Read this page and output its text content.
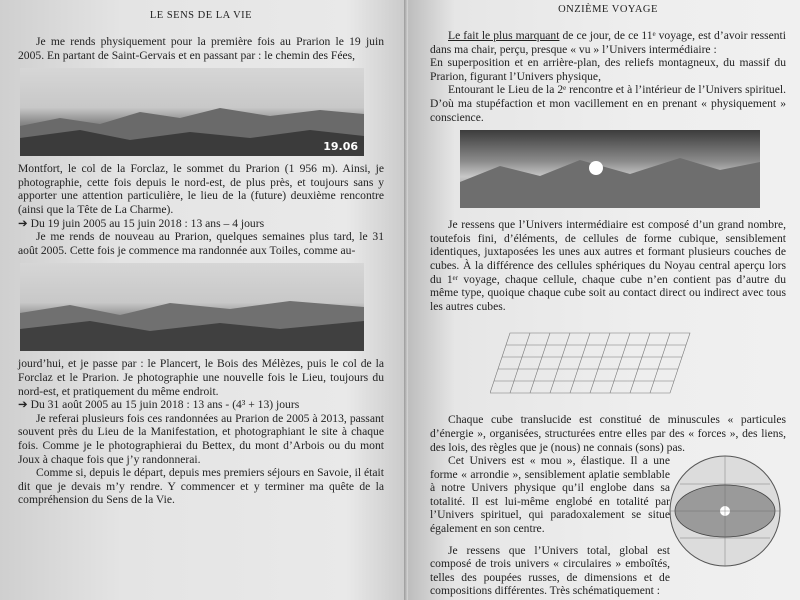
LE SENS DE LA VIE

Je me rends physiquement pour la première fois au Prarion le 19 juin 2005. En partant de Saint-Gervais et en passant par : le chemin des Fées,

19.06

Montfort, le col de la Forclaz, le sommet du Prarion (1 956 m). Ainsi, je photographie, cette fois depuis le nord-est, de plus près, et toujours sans y apporter une attention particulière, le lieu de la (future) deuxième rencontre (ainsi que la Tête de La Charme).

➔ Du 19 juin 2005 au 15 juin 2018 : 13 ans – 4 jours

Je me rends de nouveau au Prarion, quelques semaines plus tard, le 31 août 2005. Cette fois je commence ma randonnée aux Toiles, comme au-

jourd’hui, et je passe par : le Plancert, le Bois des Mélèzes, puis le col de la Forclaz et le Prarion. Je photographie une nouvelle fois le Lieu, toujours du nord-est, et pratiquement du même endroit.

➔ Du 31 août 2005 au 15 juin 2018 : 13 ans - (4³ + 13) jours

Je referai plusieurs fois ces randonnées au Prarion de 2005 à 2013, passant souvent près du Lieu de la Manifestation, et photographiant le site à chaque fois. Comme je le photographierai du Bettex, du mont d’Arbois ou du mont Joux à chaque fois que j’y randonnerai.

Comme si, depuis le départ, depuis mes premiers séjours en Savoie, il était dit que je devais m’y rendre. Y commencer et y terminer ma quête de la compréhension du Sens de la Vie.

ONZIÈME VOYAGE

Le fait le plus marquant de ce jour, de ce 11ᵉ voyage, est d’avoir ressenti dans ma chair, perçu, presque « vu » l’Univers intermédiaire :

En superposition et en arrière-plan, des reliefs montagneux, du massif du Prarion, figurant l’Univers physique,

Entourant le Lieu de la 2ᵉ rencontre et à l’intérieur de l’Univers spirituel. D’où ma stupéfaction et mon vacillement en en prenant « physiquement » conscience.

Je ressens que l’Univers intermédiaire est composé d’un grand nombre, toutefois fini, d’éléments, de cellules de forme cubique, sensiblement identiques, juxtaposées les unes aux autres et formant plusieurs couches de cubes. À la différence des cellules sphériques du Noyau central aperçu lors du 1ᵉʳ voyage, chaque cellule, chaque cube n’en contient pas d’autre du même type, quoique chaque cube soit au contact direct ou indirect avec tous les autres cubes.

Chaque cube translucide est constitué de minuscules « particules d’énergie », organisées, structurées entre elles par des « forces », des liens, des lois, des règles que je (nous) ne connais (sons) pas.

Cet Univers est « mou », élastique. Il a une forme « arrondie », sensiblement aplatie semblable à notre Univers physique qu’il englobe dans sa totalité. Il est lui-même englobé en totalité par l’Univers spirituel, qui paradoxalement se situe également en son centre.

Je ressens que l’Univers total, global est composé de trois univers « circulaires » emboîtés, telles des poupées russes, de dimensions et de compositions différentes. Très schématiquement :
